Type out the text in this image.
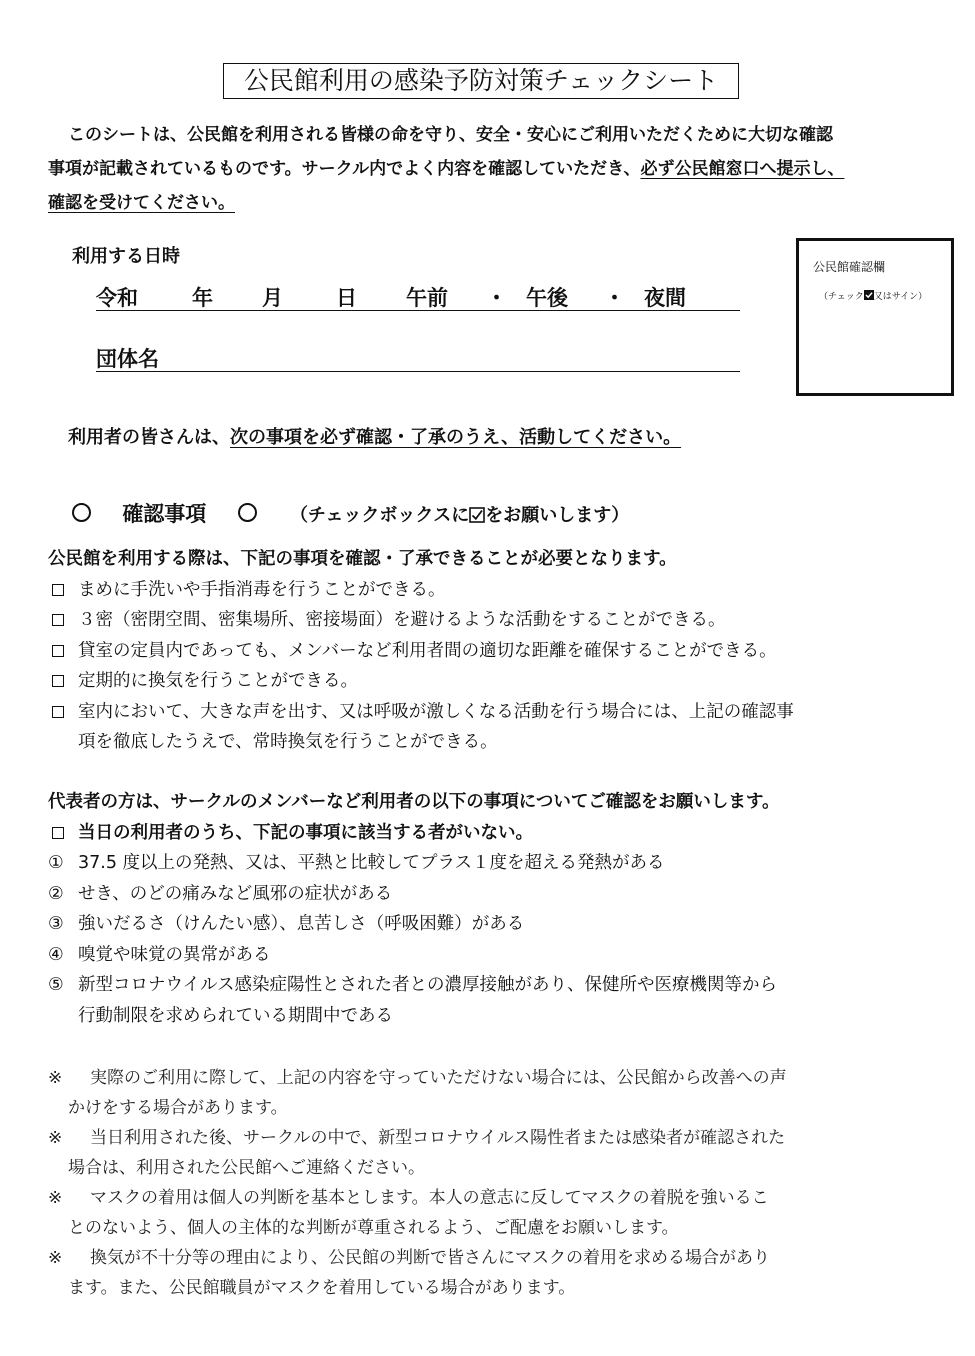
公民館利用の感染予防対策チェックシート

このシートは、公民館を利用される皆様の命を守り、安全・安心にご利用いただくために大切な確認

事項が記載されているものです。サークル内でよく内容を確認していただき、必ず公民館窓口へ提示し、

確認を受けてください。

利用する日時
令和	年 月	日 午前 ・ 午後 ・ 夜間
団体名
公民館確認欄
（チェック 又はサイン）
利用者の皆さんは、次の事項を必ず確認・了承のうえ、活動してください。
確認事項	（チェックボックスに をお願いします）
公民館を利用する際は、下記の事項を確認・了承できることが必要となります。
まめに手洗いや手指消毒を行うことができる。
３密（密閉空間、密集場所、密接場面）を避けるような活動をすることができる。
貸室の定員内であっても、メンバーなど利用者間の適切な距離を確保することができる。
定期的に換気を行うことができる。
室内において、大きな声を出す、又は呼吸が激しくなる活動を行う場合には、上記の確認事
項を徹底したうえで、常時換気を行うことができる。
代表者の方は、サークルのメンバーなど利用者の以下の事項についてご確認をお願いします。
当日の利用者のうち、下記の事項に該当する者がいない。
① 37.5 度以上の発熱、又は、平熱と比較してプラス１度を超える発熱がある
② せき、のどの痛みなど風邪の症状がある
③ 強いだるさ（けんたい感）、息苦しさ（呼吸困難）がある
④ 嗅覚や味覚の異常がある
⑤ 新型コロナウイルス感染症陽性とされた者との濃厚接触があり、保健所や医療機関等から
行動制限を求められている期間中である
※	実際のご利用に際して、上記の内容を守っていただけない場合には、公民館から改善への声
かけをする場合があります。
※	当日利用された後、サークルの中で、新型コロナウイルス陽性者または感染者が確認された
場合は、利用された公民館へご連絡ください。
※	マスクの着用は個人の判断を基本とします。本人の意志に反してマスクの着脱を強いるこ
とのないよう、個人の主体的な判断が尊重されるよう、ご配慮をお願いします。
※	換気が不十分等の理由により、公民館の判断で皆さんにマスクの着用を求める場合があり
ます。また、公民館職員がマスクを着用している場合があります。
